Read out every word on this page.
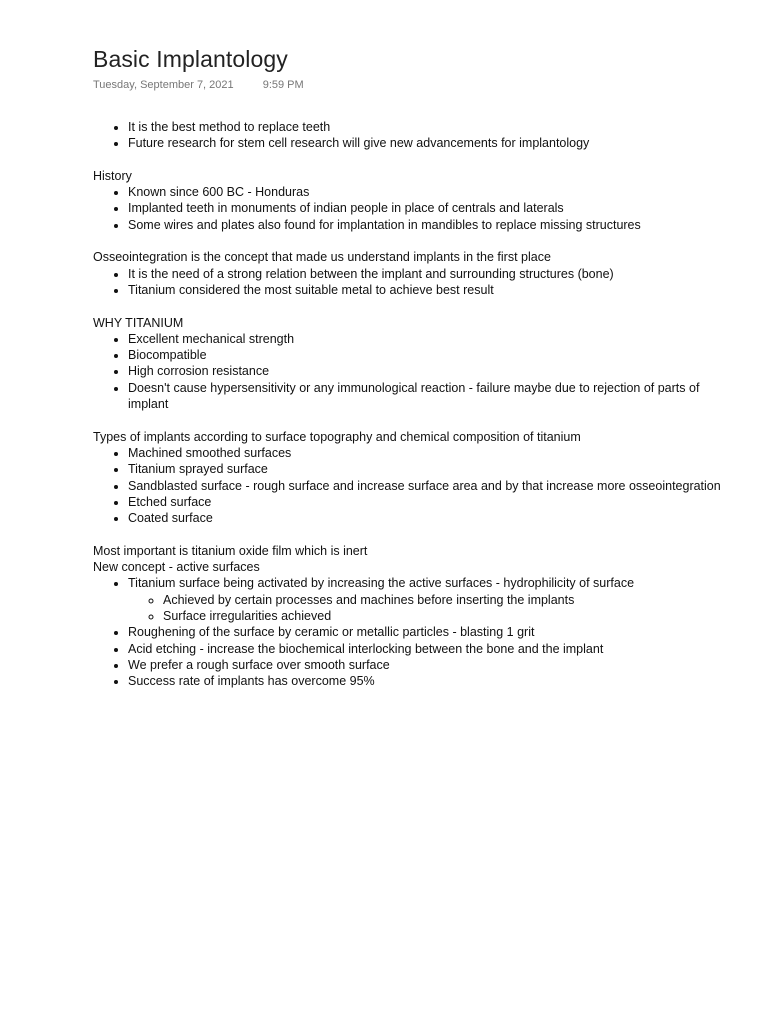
Basic Implantology
Tuesday, September 7, 2021	9:59 PM
• It is the best method to replace teeth
• Future research for stem cell research will give new advancements for implantology

History

• Known since 600 BC - Honduras
• Implanted teeth in monuments of indian people in place of centrals and laterals
• Some wires and plates also found for implantation in mandibles to replace missing structures

Osseointegration is the concept that made us understand implants in the first place

• It is the need of a strong relation between the implant and surrounding structures (bone)
• Titanium considered the most suitable metal to achieve best result

WHY TITANIUM

• Excellent mechanical strength
• Biocompatible
• High corrosion resistance
• Doesn't cause hypersensitivity or any immunological reaction - failure maybe due to rejection of parts of implant

Types of implants according to surface topography and chemical composition of titanium

• Machined smoothed surfaces
• Titanium sprayed surface
• Sandblasted surface - rough surface and increase surface area and by that increase more osseointegration
• Etched surface
• Coated surface

Most important is titanium oxide film which is inert

New concept - active surfaces

• Titanium surface being activated by increasing the active surfaces - hydrophilicity of surface
◦ Achieved by certain processes and machines before inserting the implants
◦ Surface irregularities achieved
• Roughening of the surface by ceramic or metallic particles - blasting 1 grit
• Acid etching - increase the biochemical interlocking between the bone and the implant
• We prefer a rough surface over smooth surface
• Success rate of implants has overcome 95%
